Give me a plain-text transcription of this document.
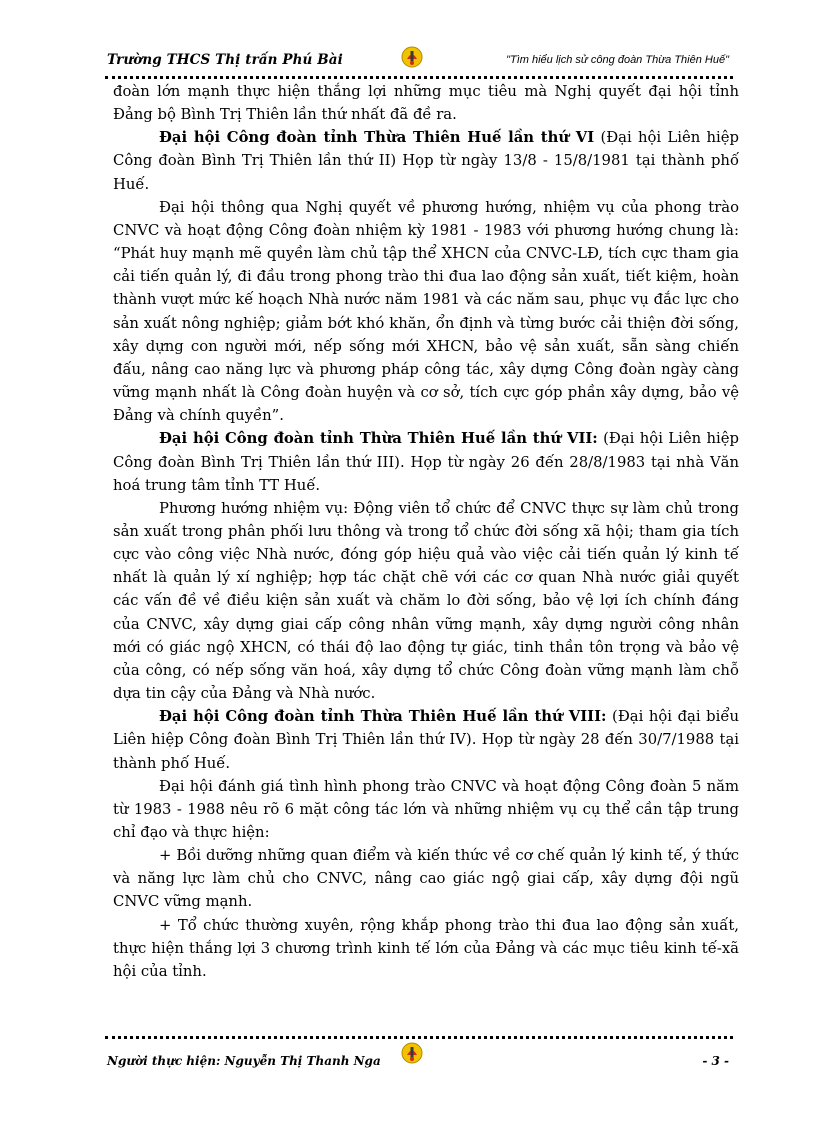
Trường THCS Thị trấn Phú Bài	"Tìm hiểu lịch sử công đoàn Thừa Thiên Huế"

đoàn lớn mạnh thực hiện thắng lợi những mục tiêu mà Nghị quyết đại hội tỉnh Đảng bộ Bình Trị Thiên lần thứ nhất đã đề ra.

Đại hội Công đoàn tỉnh Thừa Thiên Huế lần thứ VI (Đại hội Liên hiệp Công đoàn Bình Trị Thiên lần thứ II) Họp từ ngày 13/8 - 15/8/1981 tại thành phố Huế.

Đại hội thông qua Nghị quyết về phương hướng, nhiệm vụ của phong trào CNVC và hoạt động Công đoàn nhiệm kỳ 1981 - 1983 với phương hướng chung là: “Phát huy mạnh mẽ quyền làm chủ tập thể XHCN của CNVC-LĐ, tích cực tham gia cải tiến quản lý, đi đầu trong phong trào thi đua lao động sản xuất, tiết kiệm, hoàn thành vượt mức kế hoạch Nhà nước năm 1981 và các năm sau, phục vụ đắc lực cho sản xuất nông nghiệp; giảm bớt khó khăn, ổn định và từng bước cải thiện đời sống, xây dựng con người mới, nếp sống mới XHCN, bảo vệ sản xuất, sẵn sàng chiến đấu, nâng cao năng lực và phương pháp công tác, xây dựng Công đoàn ngày càng vững mạnh nhất là Công đoàn huyện và cơ sở, tích cực góp phần xây dựng, bảo vệ Đảng và chính quyền”.

Đại hội Công đoàn tỉnh Thừa Thiên Huế lần thứ VII: (Đại hội Liên hiệp Công đoàn Bình Trị Thiên lần thứ III). Họp từ ngày 26 đến 28/8/1983 tại nhà Văn hoá trung tâm tỉnh TT Huế.

Phương hướng nhiệm vụ: Động viên tổ chức để CNVC thực sự làm chủ trong sản xuất trong phân phối lưu thông và trong tổ chức đời sống xã hội; tham gia tích cực vào công việc Nhà nước, đóng góp hiệu quả vào việc cải tiến quản lý kinh tế nhất là quản lý xí nghiệp; hợp tác chặt chẽ với các cơ quan Nhà nước giải quyết các vấn đề về điều kiện sản xuất và chăm lo đời sống, bảo vệ lợi ích chính đáng của CNVC, xây dựng giai cấp công nhân vững mạnh, xây dựng người công nhân mới có giác ngộ XHCN, có thái độ lao động tự giác, tinh thần tôn trọng và bảo vệ của công, có nếp sống văn hoá, xây dựng tổ chức Công đoàn vững mạnh làm chỗ dựa tin cậy của Đảng và Nhà nước.

Đại hội Công đoàn tỉnh Thừa Thiên Huế lần thứ VIII: (Đại hội đại biểu Liên hiệp Công đoàn Bình Trị Thiên lần thứ IV). Họp từ ngày 28 đến 30/7/1988 tại thành phố Huế.

Đại hội đánh giá tình hình phong trào CNVC và hoạt động Công đoàn 5 năm từ 1983 - 1988 nêu rõ 6 mặt công tác lớn và những nhiệm vụ cụ thể cần tập trung chỉ đạo và thực hiện:

+ Bồi dưỡng những quan điểm và kiến thức về cơ chế quản lý kinh tế, ý thức và năng lực làm chủ cho CNVC, nâng cao giác ngộ giai cấp, xây dựng đội ngũ CNVC vững mạnh.

+ Tổ chức thường xuyên, rộng khắp phong trào thi đua lao động sản xuất, thực hiện thắng lợi 3 chương trình kinh tế lớn của Đảng và các mục tiêu kinh tế-xã hội của tỉnh.

Người thực hiện: Nguyễn Thị Thanh Nga	- 3 -
